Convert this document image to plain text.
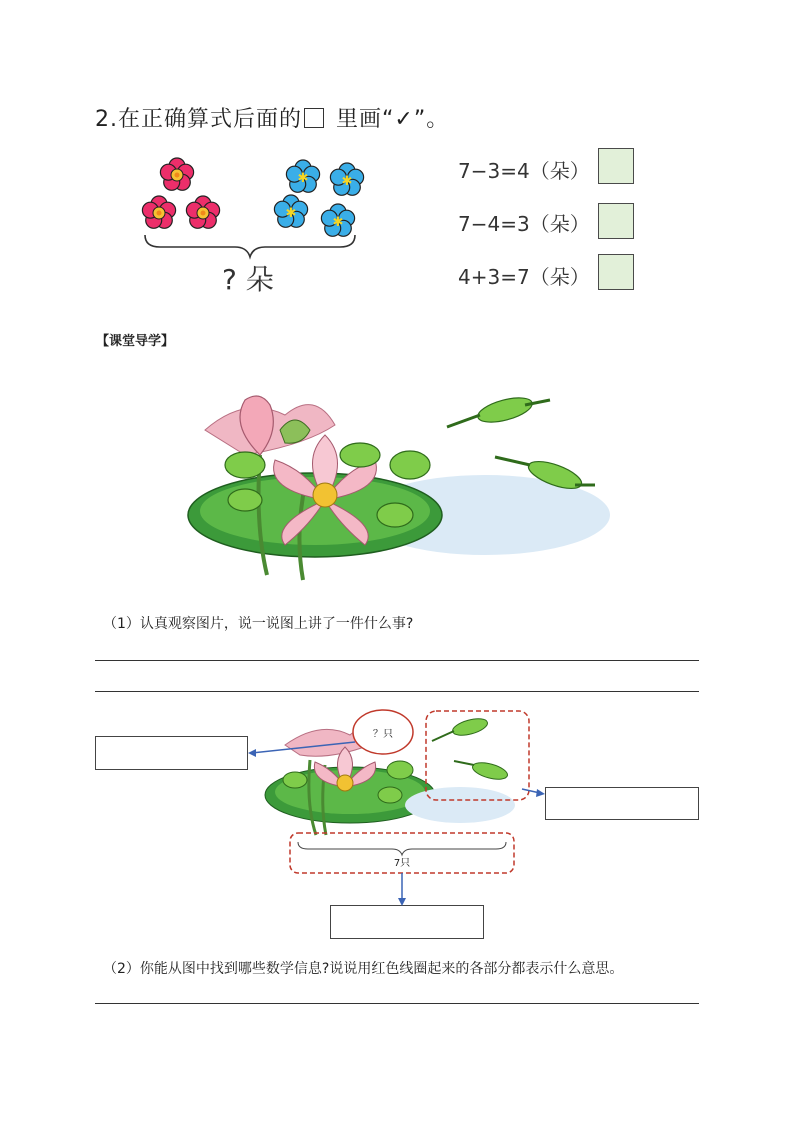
2.在正确算式后面的 里画“✓”。
✱	✱
✱
✱
? 朵
7−3=4（朵）
7−4=3（朵）
4+3=7（朵）
【课堂导学】
（1）认真观察图片，说一说图上讲了一件什么事?
？只
7只
（2）你能从图中找到哪些数学信息?说说用红色线圈起来的各部分都表示什么意思。
